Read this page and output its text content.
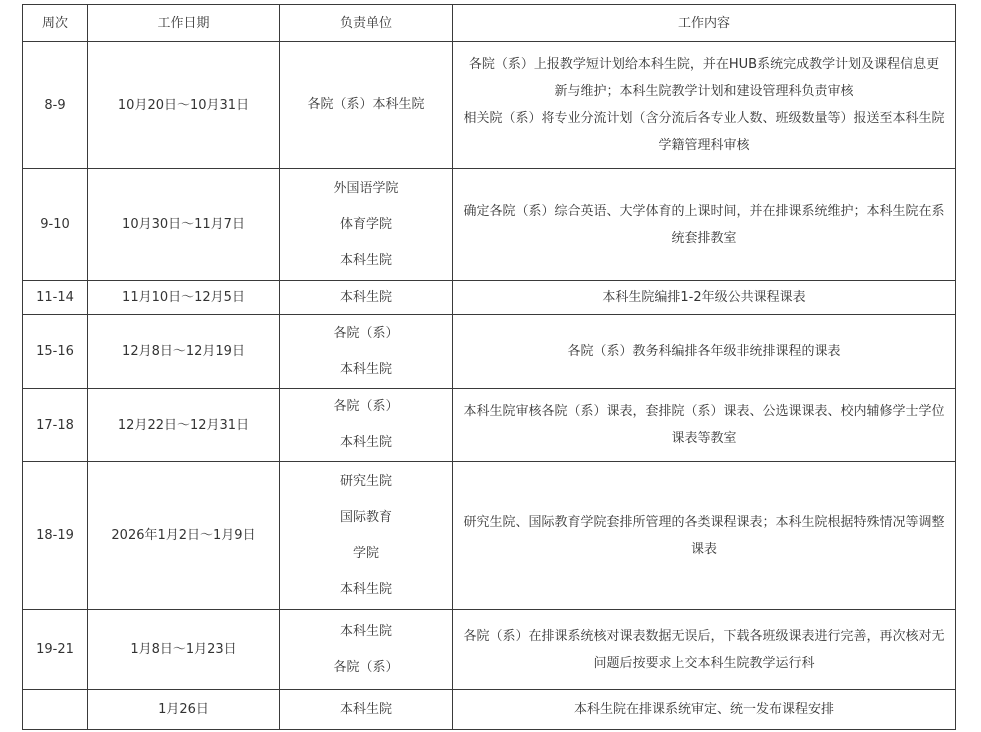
周次	工作日期	负责单位	工作内容
8-9	10月20日～10月31日	各院（系）本科生院	各院（系）上报教学短计划给本科生院，并在HUB系统完成教学计划及课程信息更新与维护；本科生院教学计划和建设管理科负责审核
相关院（系）将专业分流计划（含分流后各专业人数、班级数量等）报送至本科生院学籍管理科审核

9-10	10月30日～11月7日	外国语学院
体育学院
本科生院	确定各院（系）综合英语、大学体育的上课时间，并在排课系统维护；本科生院在系统套排教室

11-14	11月10日～12月5日	本科生院	本科生院编排1-2年级公共课程课表

15-16	12月8日～12月19日	各院（系）
本科生院	各院（系）教务科编排各年级非统排课程的课表

17-18	12月22日～12月31日	各院（系）
本科生院	本科生院审核各院（系）课表，套排院（系）课表、公选课课表、校内辅修学士学位课表等教室

18-19	2026年1月2日～1月9日	研究生院
国际教育
学院
本科生院	研究生院、国际教育学院套排所管理的各类课程课表；本科生院根据特殊情况等调整课表

19-21	1月8日～1月23日	本科生院
各院（系）	各院（系）在排课系统核对课表数据无误后，下载各班级课表进行完善，再次核对无问题后按要求上交本科生院教学运行科

	1月26日	本科生院	本科生院在排课系统审定、统一发布课程安排
